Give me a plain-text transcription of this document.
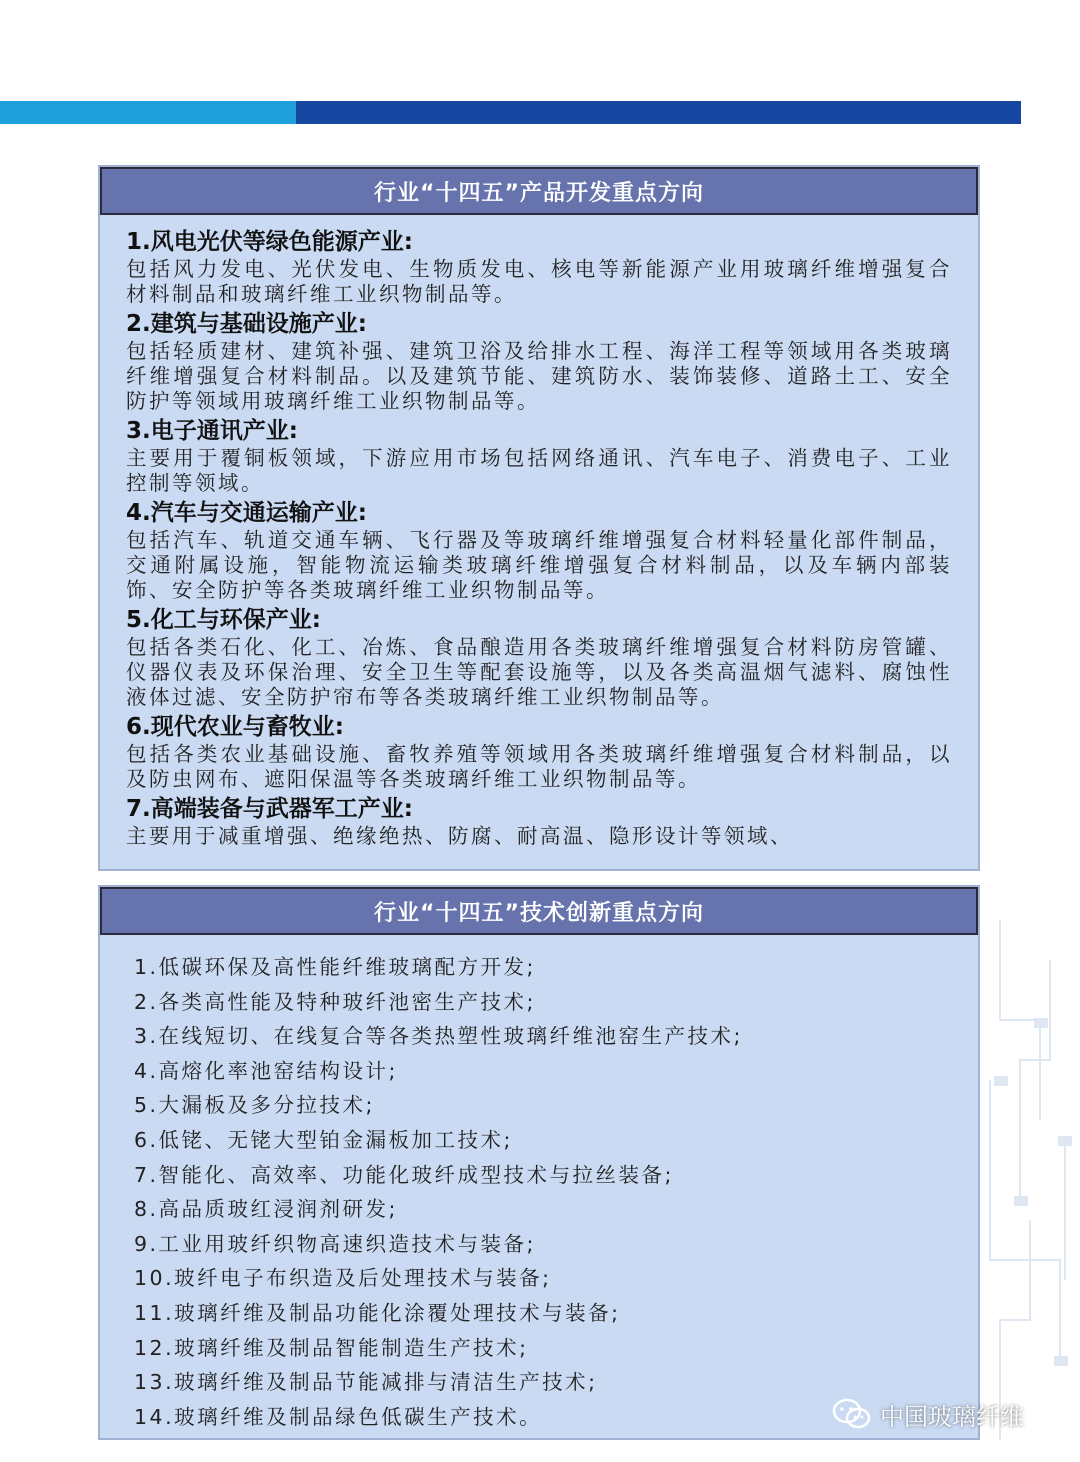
行业“十四五”产品开发重点方向

1.风电光伏等绿色能源产业:

包括风力发电、光伏发电、生物质发电、核电等新能源产业用玻璃纤维增强复合材料制品和玻璃纤维工业织物制品等。

2.建筑与基础设施产业:

包括轻质建材、建筑补强、建筑卫浴及给排水工程、海洋工程等领域用各类玻璃纤维增强复合材料制品。以及建筑节能、建筑防水、装饰装修、道路土工、安全防护等领域用玻璃纤维工业织物制品等。

3.电子通讯产业:

主要用于覆铜板领域，下游应用市场包括网络通讯、汽车电子、消费电子、工业控制等领域。

4.汽车与交通运输产业:

包括汽车、轨道交通车辆、飞行器及等玻璃纤维增强复合材料轻量化部件制品，交通附属设施，智能物流运输类玻璃纤维增强复合材料制品，以及车辆内部装饰、安全防护等各类玻璃纤维工业织物制品等。

5.化工与环保产业:

包括各类石化、化工、冶炼、食品酿造用各类玻璃纤维增强复合材料防房管罐、仪器仪表及环保治理、安全卫生等配套设施等，以及各类高温烟气滤料、腐蚀性液体过滤、安全防护帘布等各类玻璃纤维工业织物制品等。

6.现代农业与畜牧业:

包括各类农业基础设施、畜牧养殖等领域用各类玻璃纤维增强复合材料制品，以及防虫网布、遮阳保温等各类玻璃纤维工业织物制品等。

7.高端装备与武器军工产业:

主要用于减重增强、绝缘绝热、防腐、耐高温、隐形设计等领域、

行业“十四五”技术创新重点方向
1.低碳环保及高性能纤维玻璃配方开发;
2.各类高性能及特种玻纤池密生产技术;
3.在线短切、在线复合等各类热塑性玻璃纤维池窑生产技术;
4.高熔化率池窑结构设计;
5.大漏板及多分拉技术;
6.低铑、无铑大型铂金漏板加工技术;
7.智能化、高效率、功能化玻纤成型技术与拉丝装备;
8.高品质玻红浸润剂研发;
9.工业用玻纤织物高速织造技术与装备;
10.玻纤电子布织造及后处理技术与装备;
11.玻璃纤维及制品功能化涂覆处理技术与装备;
12.玻璃纤维及制品智能制造生产技术;
13.玻璃纤维及制品节能减排与清洁生产技术;
14.玻璃纤维及制品绿色低碳生产技术。	中国玻璃纤维
